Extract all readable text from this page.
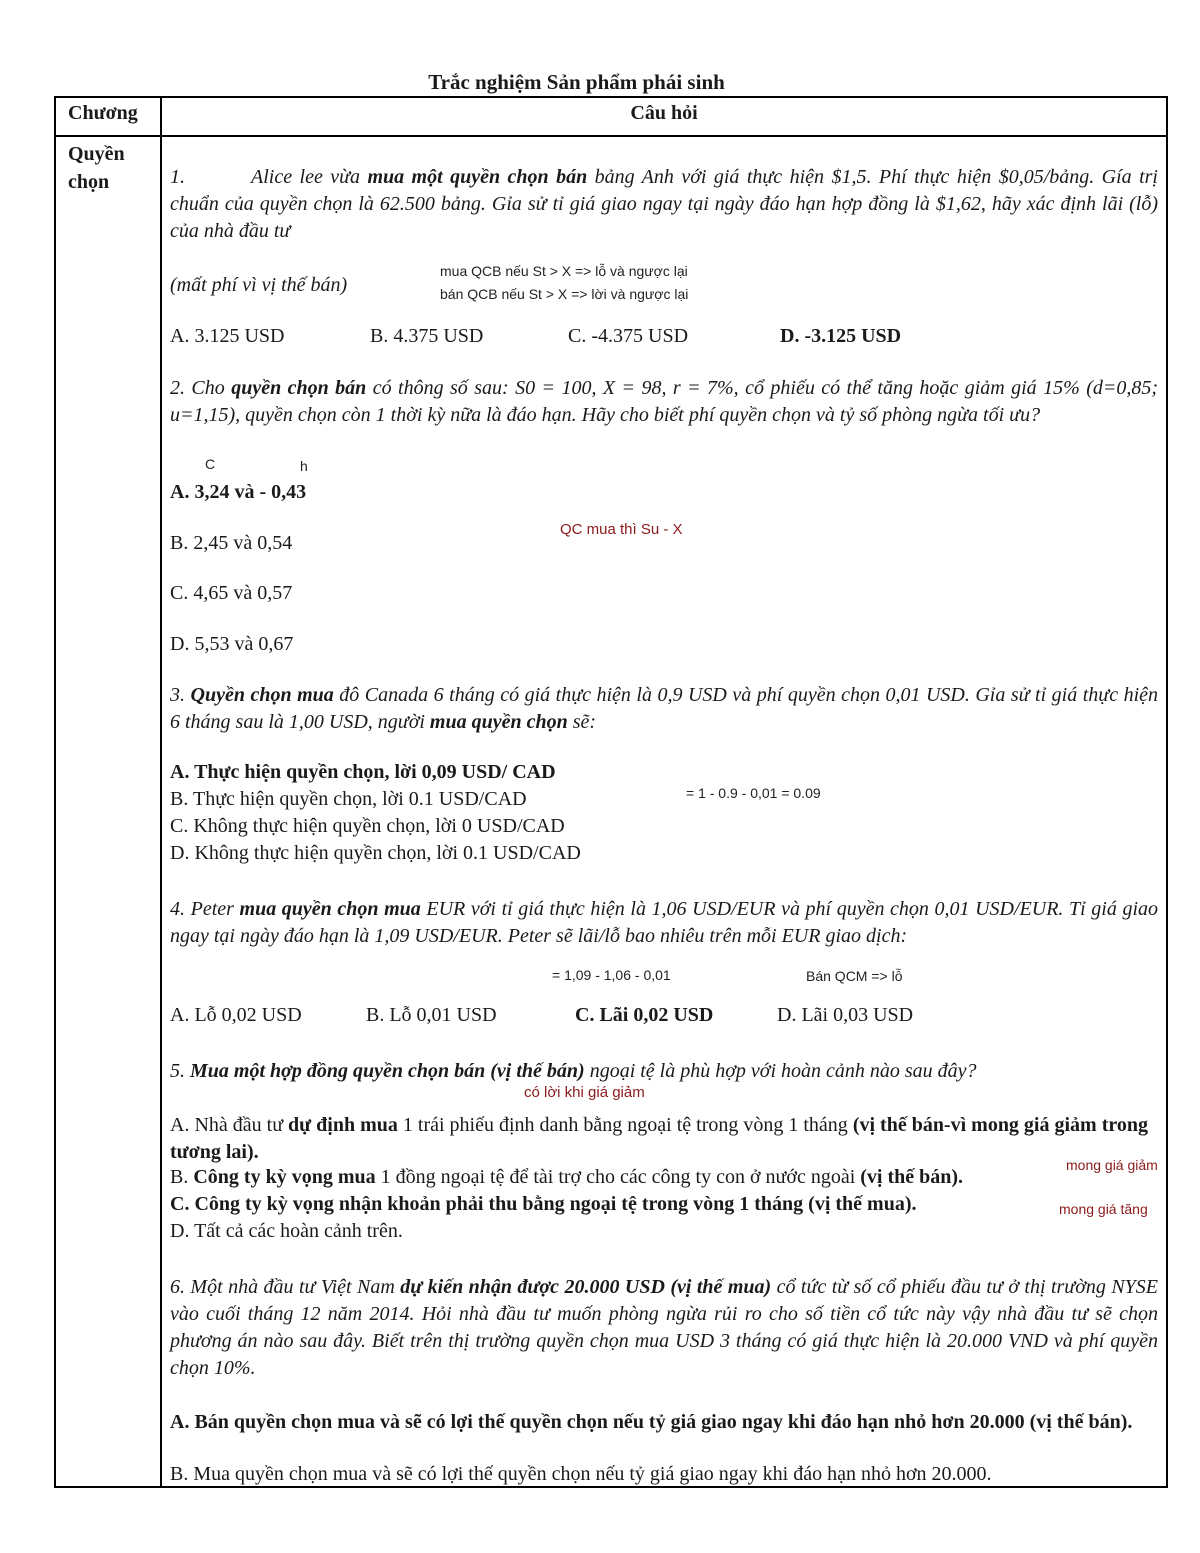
Trắc nghiệm Sản phẩm phái sinh
Chương	Câu hỏi
Quyền chọn	1.	Alice lee vừa mua một quyền chọn bán bảng Anh với giá thực hiện $1,5. Phí thực hiện $0,05/bảng. Gía trị chuẩn của quyền chọn là 62.500 bảng. Gỉa sử tỉ giá giao ngay tại ngày đáo hạn hợp đồng là $1,62, hãy xác định lãi (lỗ) của nhà đầu tư
(mất phí vì vị thế bán)
mua QCB nếu St > X => lỗ và ngược lại
bán QCB nếu St > X => lời và ngược lại
A. 3.125 USD	B. 4.375 USD	C. -4.375 USD	D. -3.125 USD
2. Cho quyền chọn bán có thông số sau: S0 = 100, X = 98, r = 7%, cổ phiếu có thể tăng hoặc giảm giá 15% (d=0,85; u=1,15), quyền chọn còn 1 thời kỳ nữa là đáo hạn. Hãy cho biết phí quyền chọn và tỷ số phòng ngừa tối ưu?
C	h
A. 3,24 và - 0,43
B. 2,45 và 0,54
QC mua thì Su - X
C. 4,65 và 0,57
D. 5,53 và 0,67
3. Quyền chọn mua đô Canada 6 tháng có giá thực hiện là 0,9 USD và phí quyền chọn 0,01 USD. Gỉa sử tỉ giá thực hiện 6 tháng sau là 1,00 USD, người mua quyền chọn sẽ:
A. Thực hiện quyền chọn, lời 0,09 USD/ CAD
B. Thực hiện quyền chọn, lời 0.1 USD/CAD	= 1 - 0.9 - 0,01 = 0.09
C. Không thực hiện quyền chọn, lời 0 USD/CAD
D. Không thực hiện quyền chọn, lời 0.1 USD/CAD
4. Peter mua quyền chọn mua EUR với tỉ giá thực hiện là 1,06 USD/EUR và phí quyền chọn 0,01 USD/EUR. Tỉ giá giao ngay tại ngày đáo hạn là 1,09 USD/EUR. Peter sẽ lãi/lỗ bao nhiêu trên mỗi EUR giao dịch:
= 1,09 - 1,06 - 0,01	Bán QCM => lỗ
A. Lỗ 0,02 USD	B. Lỗ 0,01 USD	C. Lãi 0,02 USD	D. Lãi 0,03 USD
5. Mua một hợp đồng quyền chọn bán (vị thế bán) ngoại tệ là phù hợp với hoàn cảnh nào sau đây?
có lời khi giá giảm
A. Nhà đầu tư dự định mua 1 trái phiếu định danh bằng ngoại tệ trong vòng 1 tháng (vị thế bán-vì mong giá giảm trong tương lai).
B. Công ty kỳ vọng mua 1 đồng ngoại tệ để tài trợ cho các công ty con ở nước ngoài (vị thế bán).
mong giá giảm
C. Công ty kỳ vọng nhận khoản phải thu bằng ngoại tệ trong vòng 1 tháng (vị thế mua).	mong giá tăng
D. Tất cả các hoàn cảnh trên.
6. Một nhà đầu tư Việt Nam dự kiến nhận được 20.000 USD (vị thế mua) cổ tức từ số cổ phiếu đầu tư ở thị trường NYSE vào cuối tháng 12 năm 2014. Hỏi nhà đầu tư muốn phòng ngừa rủi ro cho số tiền cổ tức này vậy nhà đầu tư sẽ chọn phương án nào sau đây. Biết trên thị trường quyền chọn mua USD 3 tháng có giá thực hiện là 20.000 VND và phí quyền chọn 10%.
A. Bán quyền chọn mua và sẽ có lợi thế quyền chọn nếu tỷ giá giao ngay khi đáo hạn nhỏ hơn 20.000 (vị thế bán).
B. Mua quyền chọn mua và sẽ có lợi thế quyền chọn nếu tỷ giá giao ngay khi đáo hạn nhỏ hơn 20.000.
